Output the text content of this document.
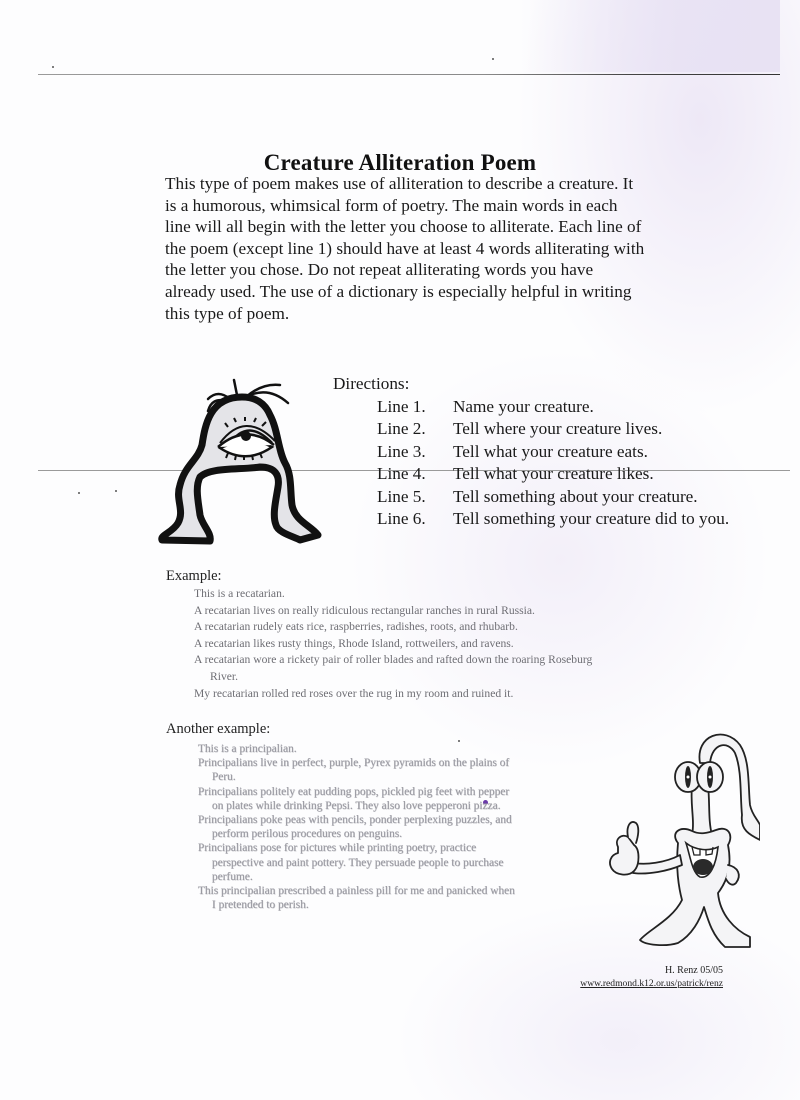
Creature Alliteration Poem
This type of poem makes use of alliteration to describe a creature. It
is a humorous, whimsical form of poetry. The main words in each
line will all begin with the letter you choose to alliterate. Each line of
the poem (except line 1) should have at least 4 words alliterating with
the letter you chose. Do not repeat alliterating words you have
already used. The use of a dictionary is especially helpful in writing
this type of poem.
Directions:
Line 1. Name your creature.
Line 2. Tell where your creature lives.
Line 3. Tell what your creature eats.
Line 4. Tell what your creature likes.
Line 5. Tell something about your creature.
Line 6. Tell something your creature did to you.
Example:
This is a recatarian.
A recatarian lives on really ridiculous rectangular ranches in rural Russia.
A recatarian rudely eats rice, raspberries, radishes, roots, and rhubarb.
A recatarian likes rusty things, Rhode Island, rottweilers, and ravens.
A recatarian wore a rickety pair of roller blades and rafted down the roaring Roseburg
River.
My recatarian rolled red roses over the rug in my room and ruined it.
Another example:
This is a principalian.
Principalians live in perfect, purple, Pyrex pyramids on the plains of
Peru.
Principalians politely eat pudding pops, pickled pig feet with pepper
on plates while drinking Pepsi. They also love pepperoni pizza.
Principalians poke peas with pencils, ponder perplexing puzzles, and
perform perilous procedures on penguins.
Principalians pose for pictures while printing poetry, practice
perspective and paint pottery. They persuade people to purchase
perfume.
This principalian prescribed a painless pill for me and panicked when
I pretended to perish.
H. Renz 05/05
www.redmond.k12.or.us/patrick/renz
